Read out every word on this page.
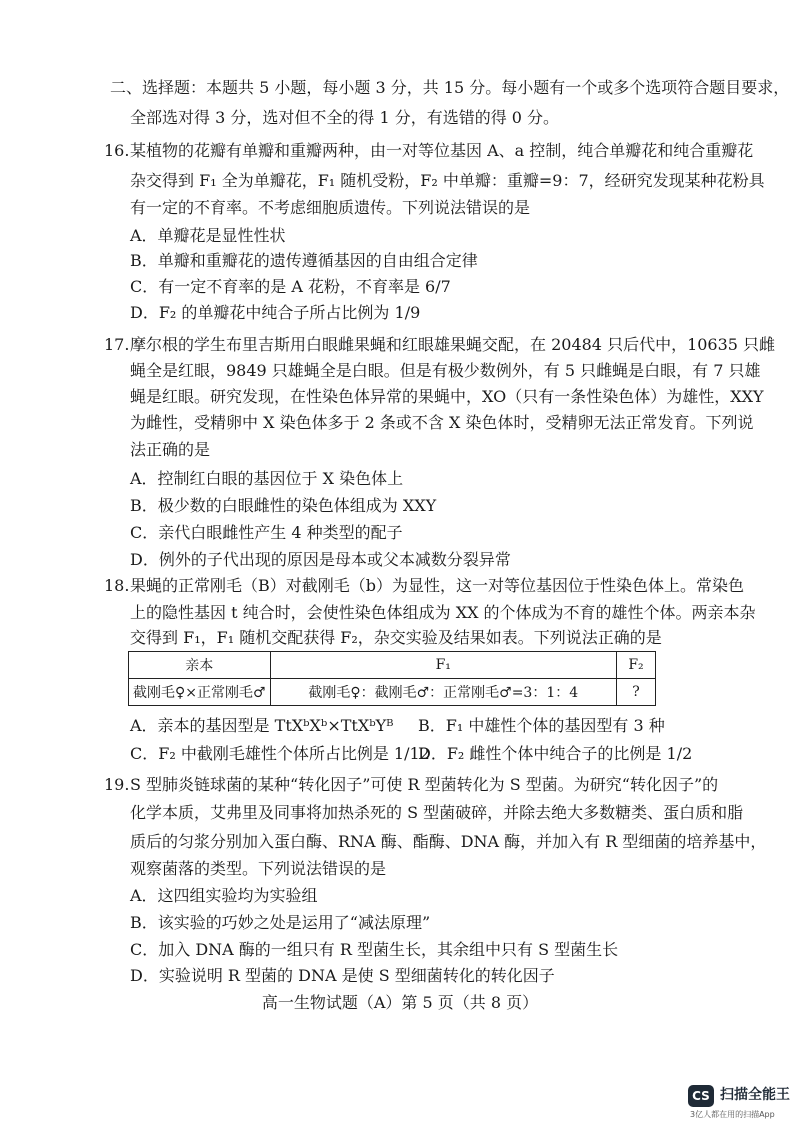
二、选择题：本题共 5 小题，每小题 3 分，共 15 分。每小题有一个或多个选项符合题目要求，
全部选对得 3 分，选对但不全的得 1 分，有选错的得 0 分。
16. 某植物的花瓣有单瓣和重瓣两种，由一对等位基因 A、a 控制，纯合单瓣花和纯合重瓣花
杂交得到 F₁ 全为单瓣花，F₁ 随机受粉，F₂ 中单瓣：重瓣=9：7，经研究发现某种花粉具
有一定的不育率。不考虑细胞质遗传。下列说法错误的是
A．单瓣花是显性性状
B．单瓣和重瓣花的遗传遵循基因的自由组合定律
C．有一定不育率的是 A 花粉，不育率是 6/7
D．F₂ 的单瓣花中纯合子所占比例为 1/9
17. 摩尔根的学生布里吉斯用白眼雌果蝇和红眼雄果蝇交配，在 20484 只后代中，10635 只雌
蝇全是红眼，9849 只雄蝇全是白眼。但是有极少数例外，有 5 只雌蝇是白眼，有 7 只雄
蝇是红眼。研究发现，在性染色体异常的果蝇中，XO（只有一条性染色体）为雄性，XXY
为雌性，受精卵中 X 染色体多于 2 条或不含 X 染色体时，受精卵无法正常发育。下列说
法正确的是
A．控制红白眼的基因位于 X 染色体上
B．极少数的白眼雌性的染色体组成为 XXY
C．亲代白眼雌性产生 4 种类型的配子
D．例外的子代出现的原因是母本或父本减数分裂异常
18. 果蝇的正常刚毛（B）对截刚毛（b）为显性，这一对等位基因位于性染色体上。常染色
上的隐性基因 t 纯合时，会使性染色体组成为 XX 的个体成为不育的雄性个体。两亲本杂
交得到 F₁，F₁ 随机交配获得 F₂，杂交实验及结果如表。下列说法正确的是
亲本	F₁	F₂
截刚毛♀×正常刚毛♂	截刚毛♀：截刚毛♂：正常刚毛♂=3：1：4	?
A．亲本的基因型是 TtXᵇXᵇ×TtXᵇYᴮ B．F₁ 中雄性个体的基因型有 3 种
C．F₂ 中截刚毛雄性个体所占比例是 1/12
D．F₂ 雌性个体中纯合子的比例是 1/2
19. S 型肺炎链球菌的某种“转化因子”可使 R 型菌转化为 S 型菌。为研究“转化因子”的
化学本质，艾弗里及同事将加热杀死的 S 型菌破碎，并除去绝大多数糖类、蛋白质和脂
质后的匀浆分别加入蛋白酶、RNA 酶、酯酶、DNA 酶，并加入有 R 型细菌的培养基中，
观察菌落的类型。下列说法错误的是
A．这四组实验均为实验组
B．该实验的巧妙之处是运用了“减法原理”
C．加入 DNA 酶的一组只有 R 型菌生长，其余组中只有 S 型菌生长
D．实验说明 R 型菌的 DNA 是使 S 型细菌转化的转化因子
高一生物试题（A）第 5 页（共 8 页）
CS 扫描全能王
3亿人都在用的扫描App
